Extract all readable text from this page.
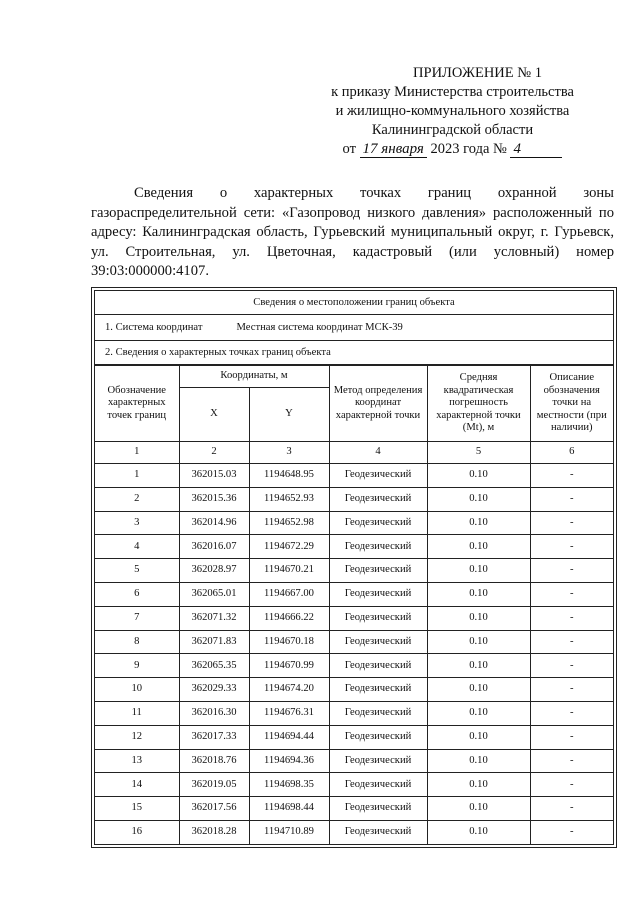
ПРИЛОЖЕНИЕ № 1
к приказу Министерства строительства
и жилищно-коммунального хозяйства
Калининградской области
от 17 января 2023 года № 4

Сведения о характерных точках границ охранной зоны газораспределительной сети: «Газопровод низкого давления» расположенный по адресу: Калининградская область, Гурьевский муниципальный округ, г. Гурьевск, ул. Строительная, ул. Цветочная, кадастровый (или условный) номер 39:03:000000:4107.

Сведения о местоположении границ объекта
1. Система координат	Местная система координат МСК-39
2. Сведения о характерных точках границ объекта
Обозначение характерных точек границ	Координаты, м		Метод определения координат характерной точки	Средняя квадратическая погрешность характерной точки (Mt), м	Описание обозначения точки на местности (при наличии)
	X	Y			
1	2	3	4	5	6
1	362015.03	1194648.95	Геодезический	0.10	-
2	362015.36	1194652.93	Геодезический	0.10	-
3	362014.96	1194652.98	Геодезический	0.10	-
4	362016.07	1194672.29	Геодезический	0.10	-
5	362028.97	1194670.21	Геодезический	0.10	-
6	362065.01	1194667.00	Геодезический	0.10	-
7	362071.32	1194666.22	Геодезический	0.10	-
8	362071.83	1194670.18	Геодезический	0.10	-
9	362065.35	1194670.99	Геодезический	0.10	-
10	362029.33	1194674.20	Геодезический	0.10	-
11	362016.30	1194676.31	Геодезический	0.10	-
12	362017.33	1194694.44	Геодезический	0.10	-
13	362018.76	1194694.36	Геодезический	0.10	-
14	362019.05	1194698.35	Геодезический	0.10	-
15	362017.56	1194698.44	Геодезический	0.10	-
16	362018.28	1194710.89	Геодезический	0.10	-
